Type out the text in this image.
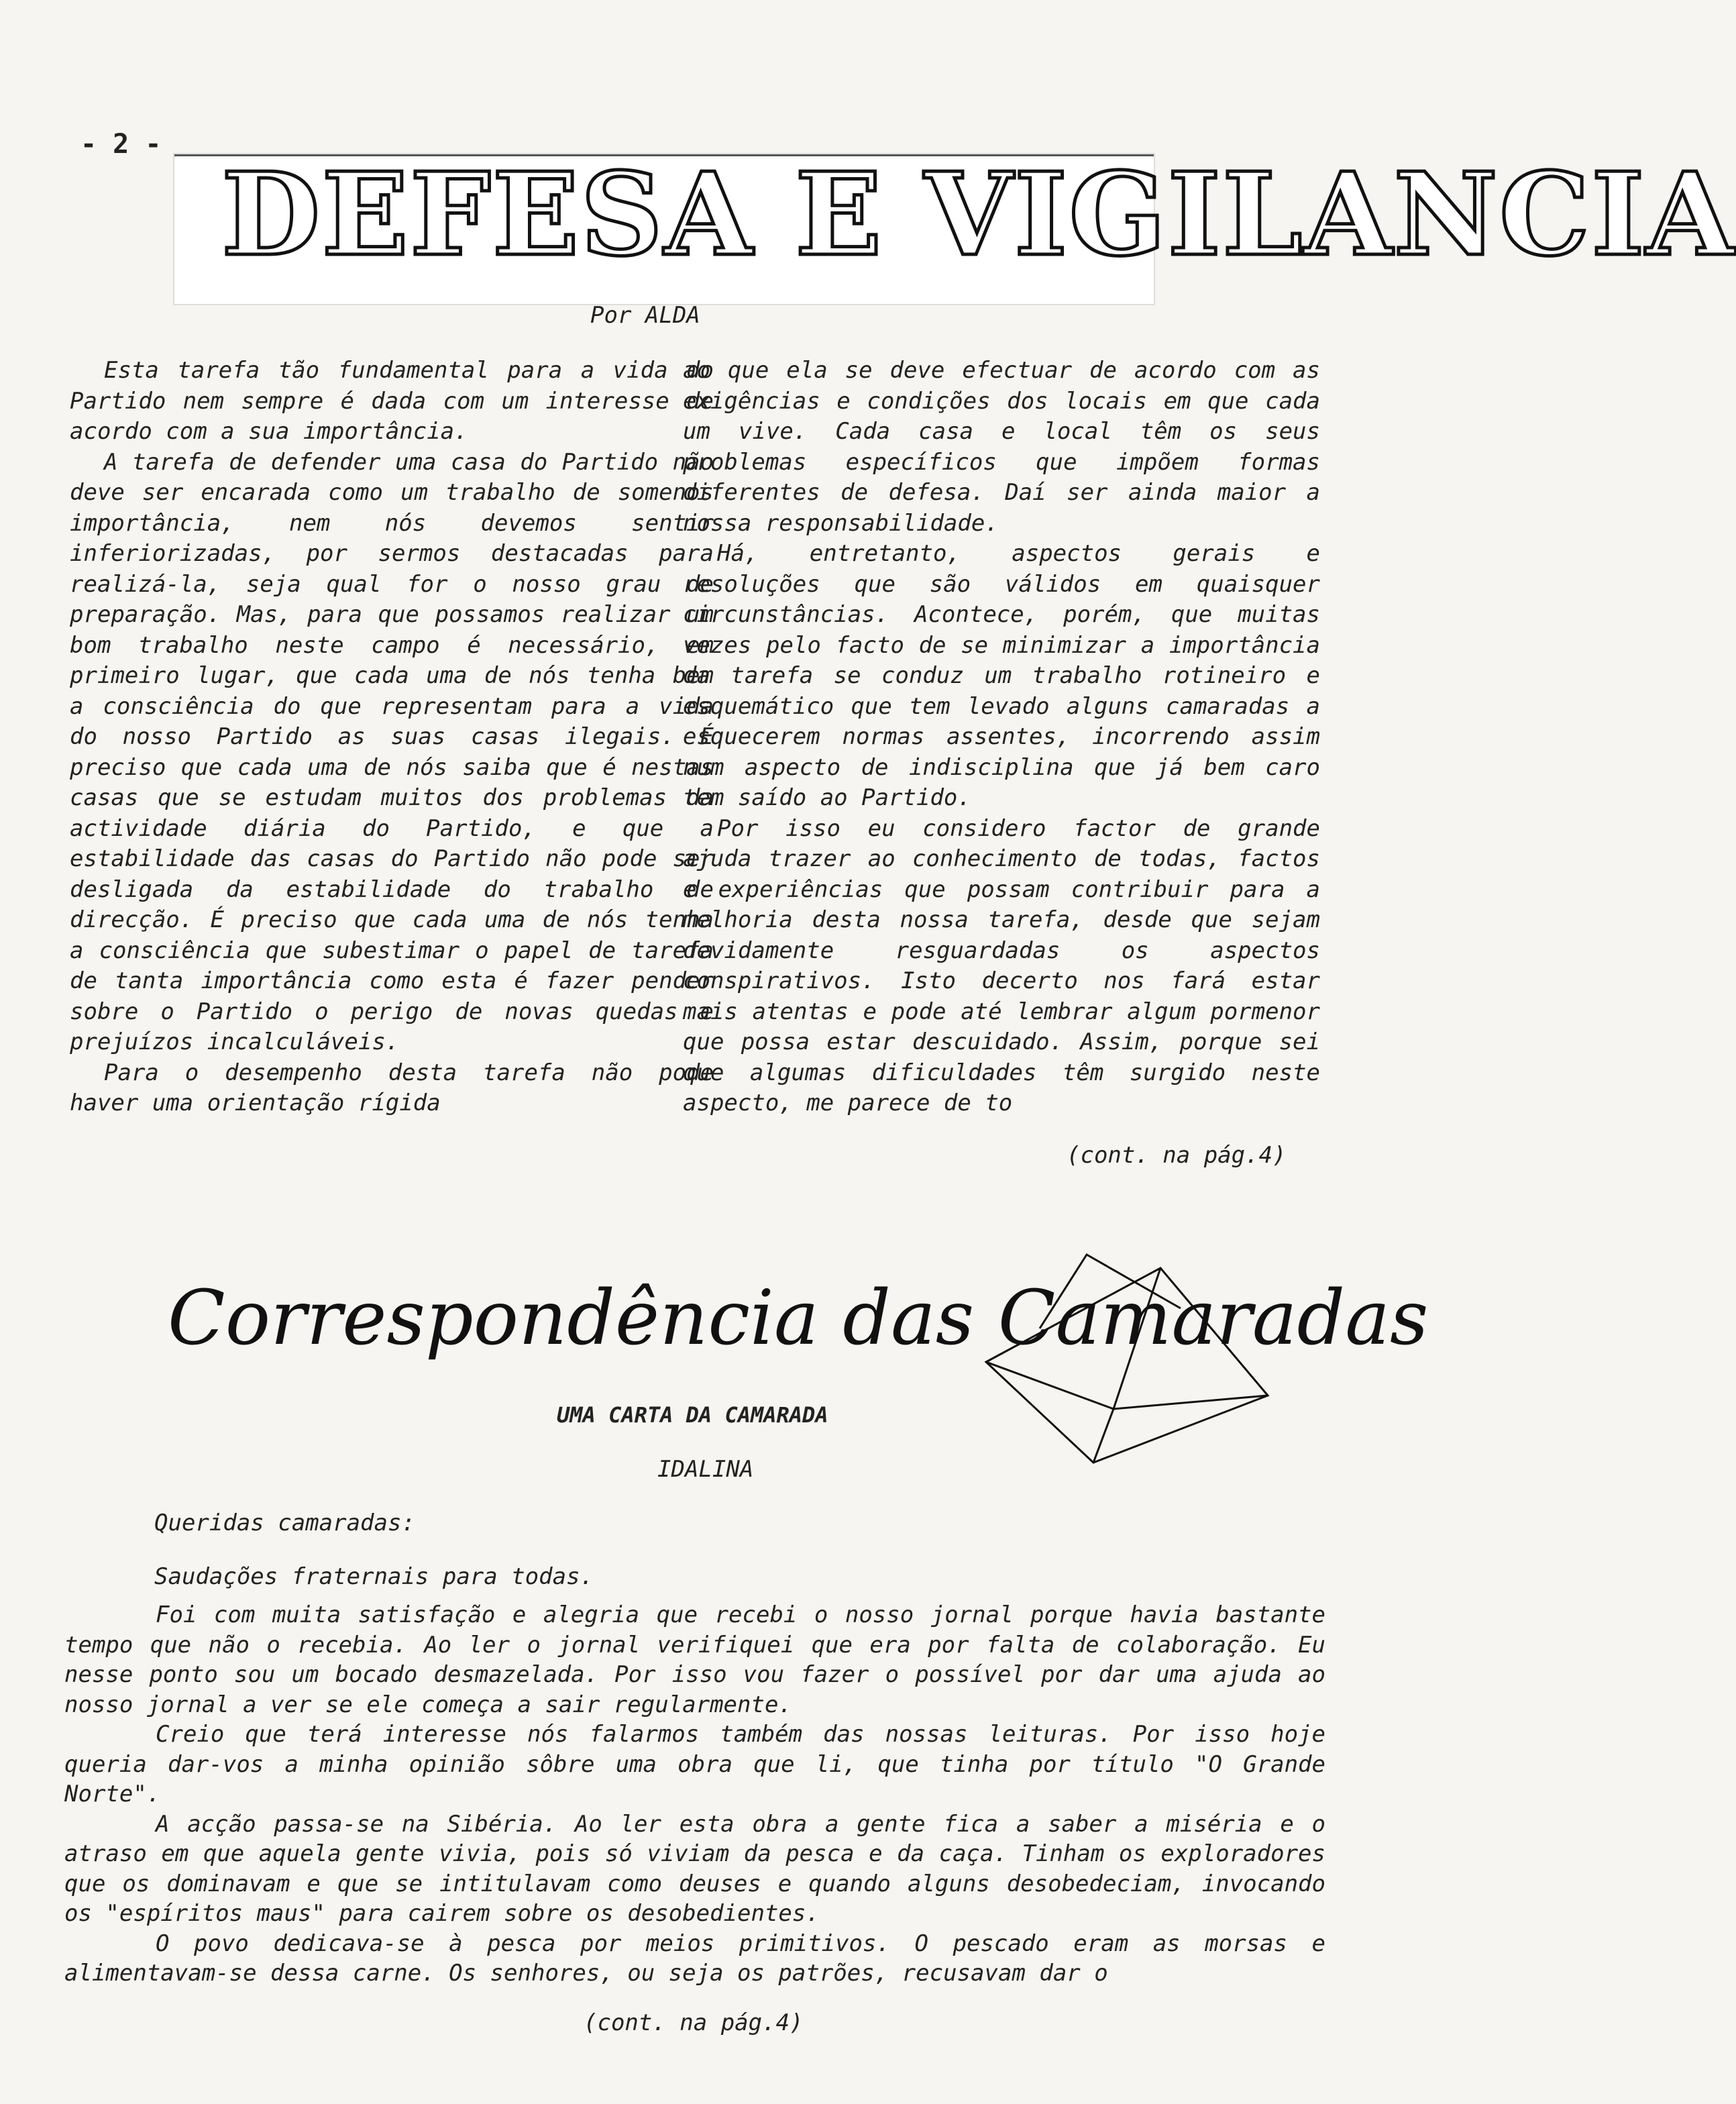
- 2 -
DEFESA E VIGILANCIA
Por ALDA

Esta tarefa tão fundamental para a vida do Partido nem sempre é dada com um interesse de acordo com a sua importância.

A tarefa de defender uma casa do Partido não deve ser encarada como um trabalho de somenos importância, nem nós devemos sentir inferiorizadas, por sermos destacadas para realizá-la, seja qual for o nosso grau de preparação. Mas, para que possamos realizar um bom trabalho neste campo é necessário, em primeiro lugar, que cada uma de nós tenha bem a consciência do que representam para a vida do nosso Partido as suas casas ilegais. É preciso que cada uma de nós saiba que é nestas casas que se estudam muitos dos problemas da actividade diária do Partido, e que a estabilidade das casas do Partido não pode ser desligada da estabilidade do trabalho de direcção. É preciso que cada uma de nós tenha a consciência que subestimar o papel de tarefa de tanta importância como esta é fazer pender sobre o Partido o perigo de novas quedas e prejuízos incalculáveis.

Para o desempenho desta tarefa não pode haver uma orientação rígida

ao que ela se deve efectuar de acordo com as exigências e condições dos locais em que cada um vive. Cada casa e local têm os seus problemas específicos que impõem formas diferentes de defesa. Daí ser ainda maior a nossa responsabilidade.

Há, entretanto, aspectos gerais e resoluções que são válidos em quaisquer circunstâncias. Acontece, porém, que muitas vezes pelo facto de se minimizar a importância da tarefa se conduz um trabalho rotineiro e esquemático que tem levado alguns camaradas a esquecerem normas assentes, incorrendo assim num aspecto de indisciplina que já bem caro tem saído ao Partido.

Por isso eu considero factor de grande ajuda trazer ao conhecimento de todas, factos e experiências que possam contribuir para a melhoria desta nossa tarefa, desde que sejam devidamente resguardadas os aspectos conspirativos. Isto decerto nos fará estar mais atentas e pode até lembrar algum pormenor que possa estar descuidado. Assim, porque sei que algumas dificuldades têm surgido neste aspecto, me parece de to

(cont. na pág.4)
Correspondência das Camaradas
UMA CARTA DA CAMARADA
IDALINA
Queridas camaradas:
Saudações fraternais para todas.

Foi com muita satisfação e alegria que recebi o nosso jornal porque havia bastante tempo que não o recebia. Ao ler o jornal verifiquei que era por falta de colaboração. Eu nesse ponto sou um bocado desmazelada. Por isso vou fazer o possível por dar uma ajuda ao nosso jornal a ver se ele começa a sair regularmente.

Creio que terá interesse nós falarmos também das nossas leituras. Por isso hoje queria dar-vos a minha opinião sôbre uma obra que li, que tinha por título "O Grande Norte".

A acção passa-se na Sibéria. Ao ler esta obra a gente fica a saber a miséria e o atraso em que aquela gente vivia, pois só viviam da pesca e da caça. Tinham os exploradores que os dominavam e que se intitulavam como deuses e quando alguns desobedeciam, invocando os "espíritos maus" para cairem sobre os desobedientes.

O povo dedicava-se à pesca por meios primitivos. O pescado eram as morsas e alimentavam-se dessa carne. Os senhores, ou seja os patrões, recusavam dar o

(cont. na pág.4)
